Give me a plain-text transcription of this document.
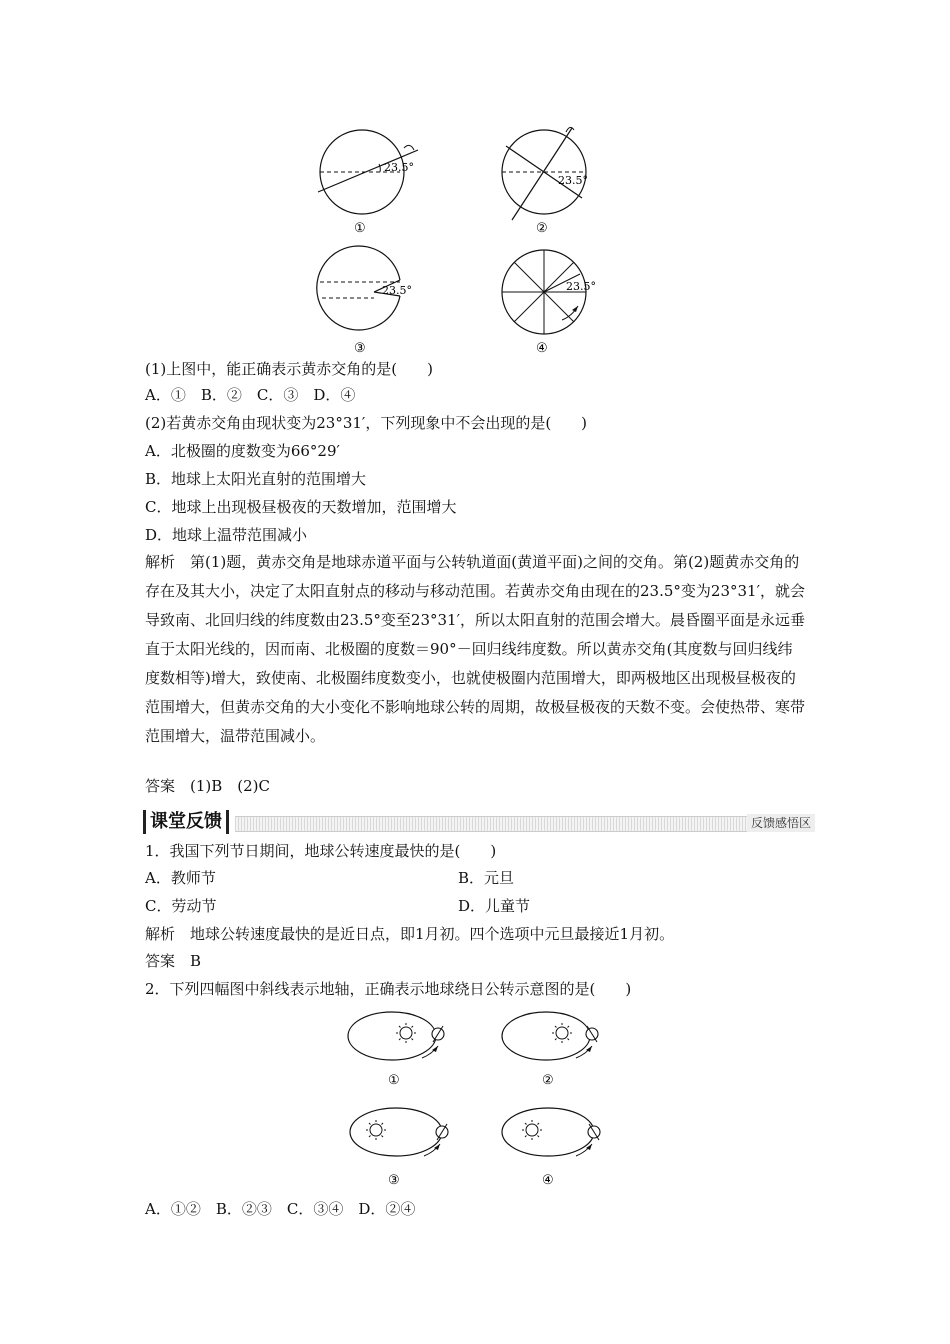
23.5°
①
23.5°
②
23.5°
③
23.5°
④
(1)上图中，能正确表示黄赤交角的是(　　)
A．①　B．②　C．③　D．④
(2)若黄赤交角由现状变为23°31′，下列现象中不会出现的是(　　)
A．北极圈的度数变为66°29′
B．地球上太阳光直射的范围增大
C．地球上出现极昼极夜的天数增加，范围增大
D．地球上温带范围减小
解析　第(1)题，黄赤交角是地球赤道平面与公转轨道面(黄道平面)之间的交角。第(2)题黄赤交角的存在及其大小，决定了太阳直射点的移动与移动范围。若黄赤交角由现在的23.5°变为23°31′，就会导致南、北回归线的纬度数由23.5°变至23°31′，所以太阳直射的范围会增大。晨昏圈平面是永远垂直于太阳光线的，因而南、北极圈的度数＝90°－回归线纬度数。所以黄赤交角(其度数与回归线纬度数相等)增大，致使南、北极圈纬度数变小，也就使极圈内范围增大，即两极地区出现极昼极夜的范围增大，但黄赤交角的大小变化不影响地球公转的周期，故极昼极夜的天数不变。会使热带、寒带范围增大，温带范围减小。
答案　(1)B　(2)C
课堂反馈	反馈感悟区
1．我国下列节日期间，地球公转速度最快的是(　　)
A．教师节	B．元旦
C．劳动节	D．儿童节
解析　地球公转速度最快的是近日点，即1月初。四个选项中元旦最接近1月初。
答案　B
2．下列四幅图中斜线表示地轴，正确表示地球绕日公转示意图的是(　　)
①	②
③	④
A．①②　B．②③　C．③④　D．②④
